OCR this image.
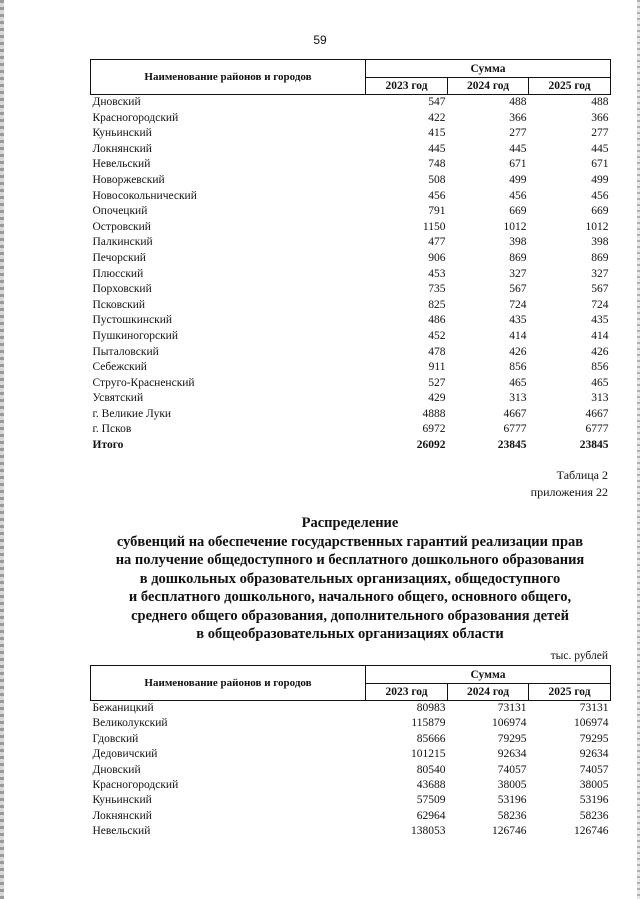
59
Наименование районов и городов	Сумма		
	2023 год	2024 год	2025 год
Дновский	547	488	488
Красногородский	422	366	366
Куньинский	415	277	277
Локнянский	445	445	445
Невельский	748	671	671
Новоржевский	508	499	499
Новосокольнический	456	456	456
Опочецкий	791	669	669
Островский	1150	1012	1012
Палкинский	477	398	398
Печорский	906	869	869
Плюсский	453	327	327
Порховский	735	567	567
Псковский	825	724	724
Пустошкинский	486	435	435
Пушкиногорский	452	414	414
Пыталовский	478	426	426
Себежский	911	856	856
Струго-Красненский	527	465	465
Усвятский	429	313	313
г. Великие Луки	4888	4667	4667
г. Псков	6972	6777	6777
Итого	26092	23845	23845
Таблица 2
приложения 22
Распределение
субвенций на обеспечение государственных гарантий реализации прав
на получение общедоступного и бесплатного дошкольного образования
в дошкольных образовательных организациях, общедоступного
и бесплатного дошкольного, начального общего, основного общего,
среднего общего образования, дополнительного образования детей
в общеобразовательных организациях области
тыс. рублей
Наименование районов и городов	Сумма		
	2023 год	2024 год	2025 год
Бежаницкий	80983	73131	73131
Великолукский	115879	106974	106974
Гдовский	85666	79295	79295
Дедовичский	101215	92634	92634
Дновский	80540	74057	74057
Красногородский	43688	38005	38005
Куньинский	57509	53196	53196
Локнянский	62964	58236	58236
Невельский	138053	126746	126746
